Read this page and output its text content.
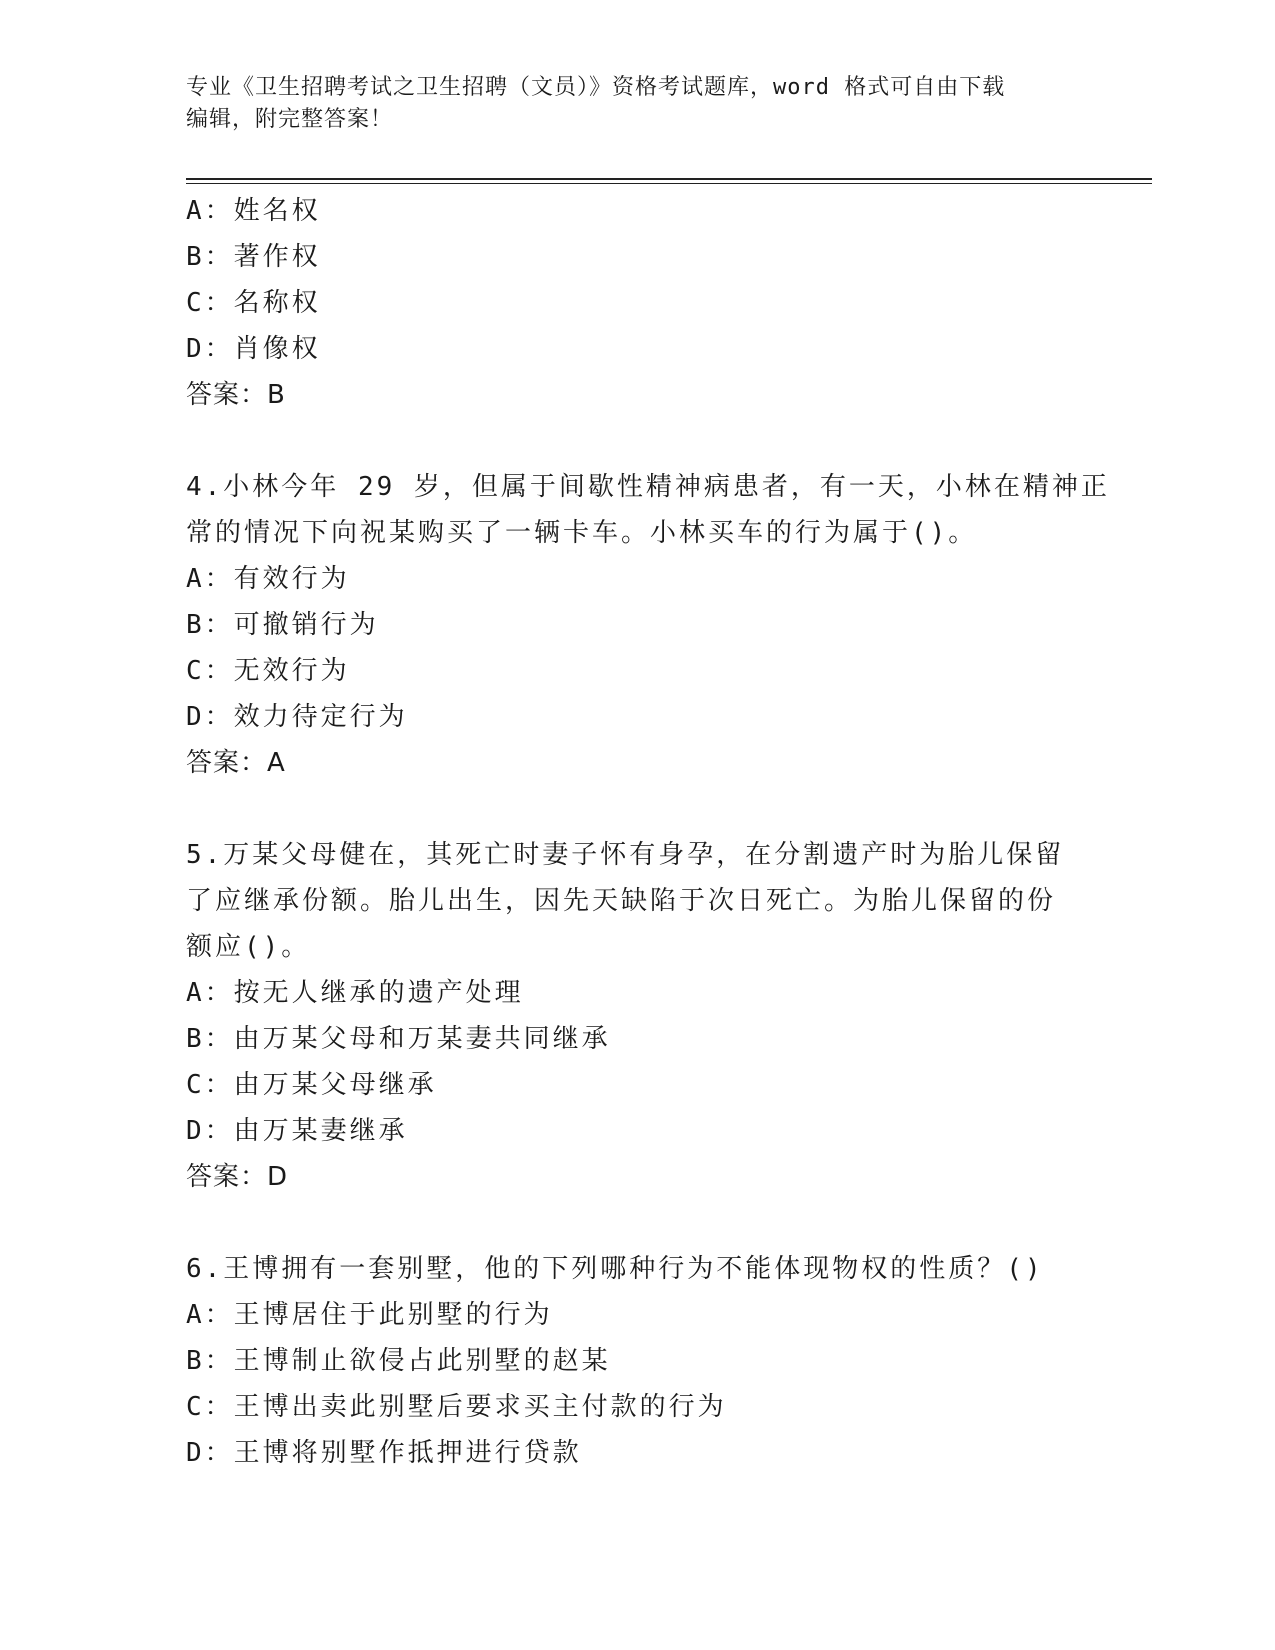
专业《卫生招聘考试之卫生招聘（文员）》资格考试题库，word 格式可自由下载
编辑，附完整答案！
A：姓名权
B：著作权
C：名称权
D：肖像权
答案：B
4.小林今年 29 岁，但属于间歇性精神病患者，有一天，小林在精神正
常的情况下向祝某购买了一辆卡车。小林买车的行为属于()。
A：有效行为
B：可撤销行为
C：无效行为
D：效力待定行为
答案：A
5.万某父母健在，其死亡时妻子怀有身孕，在分割遗产时为胎儿保留
了应继承份额。胎儿出生，因先天缺陷于次日死亡。为胎儿保留的份
额应()。
A：按无人继承的遗产处理
B：由万某父母和万某妻共同继承
C：由万某父母继承
D：由万某妻继承
答案：D
6.王博拥有一套别墅，他的下列哪种行为不能体现物权的性质？()
A：王博居住于此别墅的行为
B：王博制止欲侵占此别墅的赵某
C：王博出卖此别墅后要求买主付款的行为
D：王博将别墅作抵押进行贷款
